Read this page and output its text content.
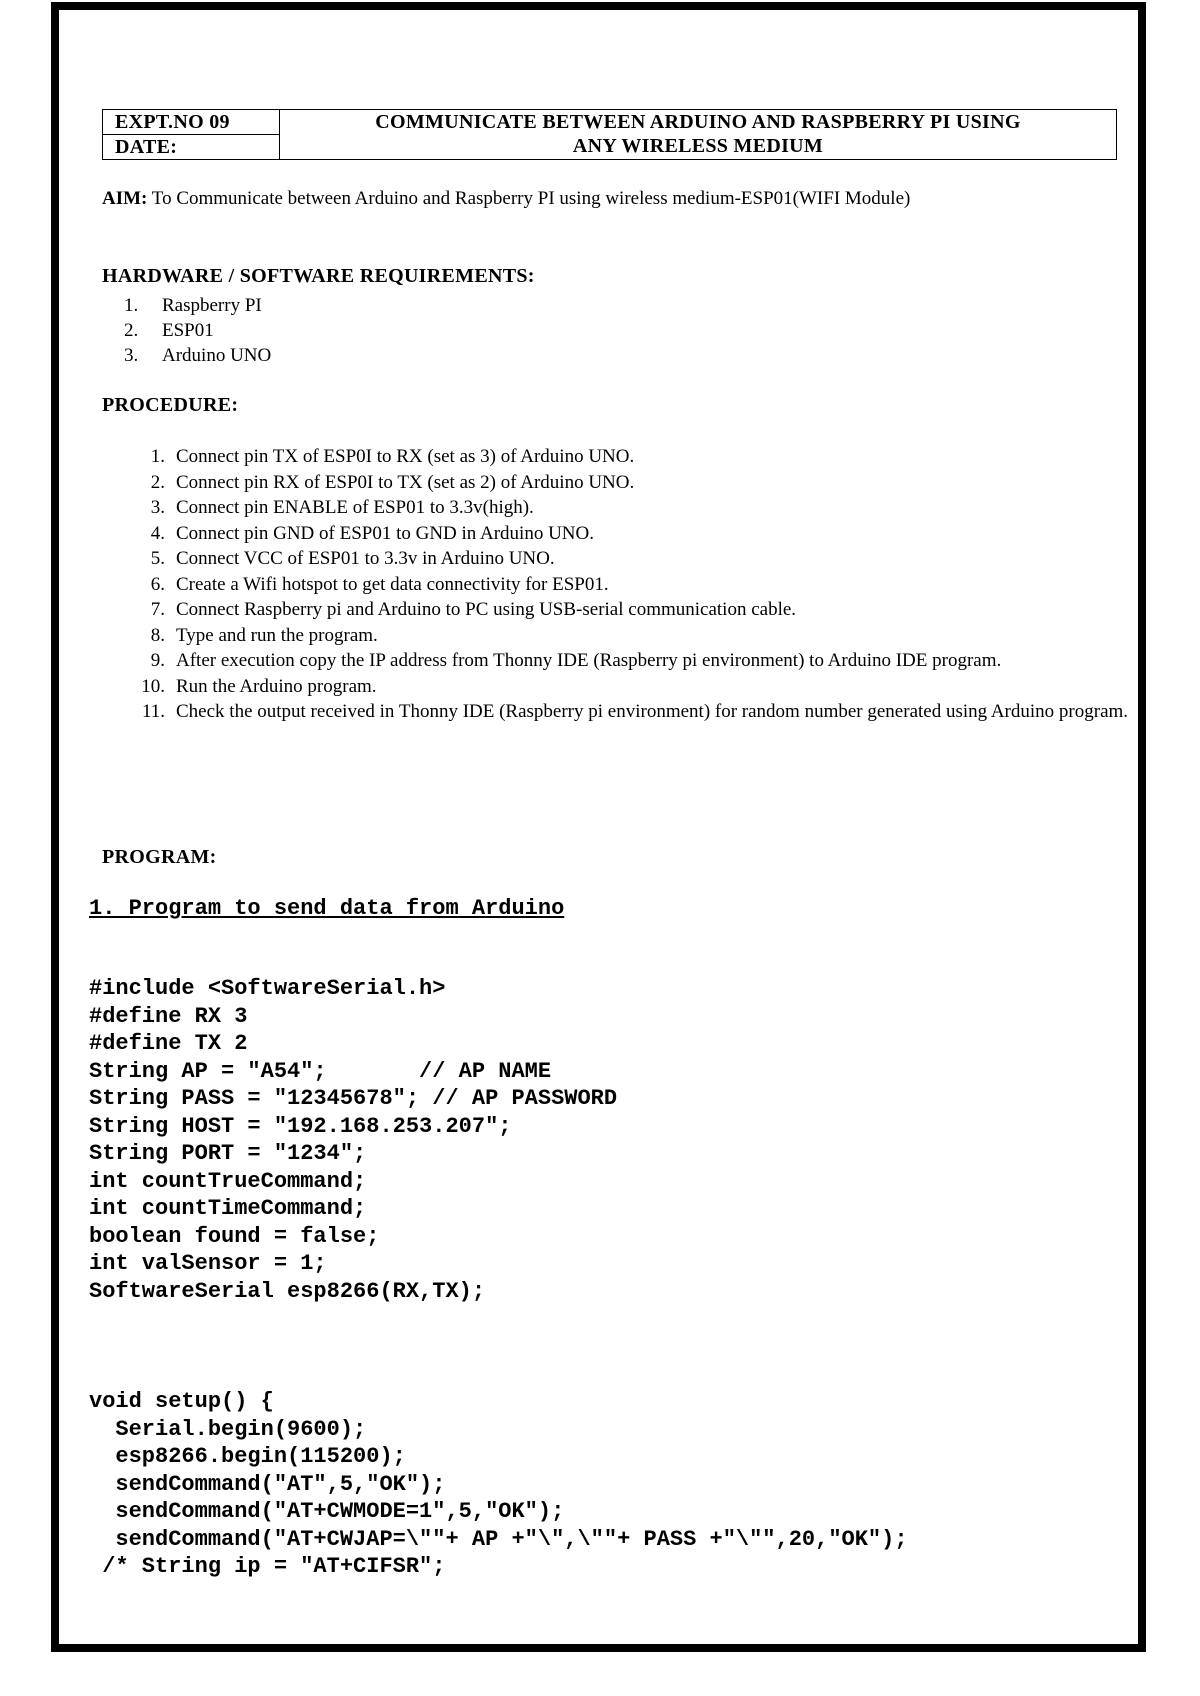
EXPT.NO 09	COMMUNICATE BETWEEN ARDUINO AND RASPBERRY PI USING
ANY WIRELESS MEDIUM

DATE:
AIM: To Communicate between Arduino and Raspberry PI using wireless medium-ESP01(WIFI Module)
HARDWARE / SOFTWARE REQUIREMENTS:
1. Raspberry PI
2. ESP01
3. Arduino UNO
PROCEDURE:
1. Connect pin TX of ESP0I to RX (set as 3) of Arduino UNO.
2. Connect pin RX of ESP0I to TX (set as 2) of Arduino UNO.
3. Connect pin ENABLE of ESP01 to 3.3v(high).
4. Connect pin GND of ESP01 to GND in Arduino UNO.
5. Connect VCC of ESP01 to 3.3v in Arduino UNO.
6. Create a Wifi hotspot to get data connectivity for ESP01.
7. Connect Raspberry pi and Arduino to PC using USB-serial communication cable.
8. Type and run the program.
9. After execution copy the IP address from Thonny IDE (Raspberry pi environment) to Arduino IDE program.
10. Run the Arduino program.
11. Check the output received in Thonny IDE (Raspberry pi environment) for random number generated using Arduino program.
PROGRAM:
1. Program to send data from Arduino
#include <SoftwareSerial.h>
#define RX 3
#define TX 2
String AP = "A54";       // AP NAME
String PASS = "12345678"; // AP PASSWORD
String HOST = "192.168.253.207";
String PORT = "1234";
int countTrueCommand;
int countTimeCommand;
boolean found = false;
int valSensor = 1;
SoftwareSerial esp8266(RX,TX);
void setup() {
Serial.begin(9600);
esp8266.begin(115200);
sendCommand("AT",5,"OK");
sendCommand("AT+CWMODE=1",5,"OK");
sendCommand("AT+CWJAP=\""+ AP +"\",\""+ PASS +"\"",20,"OK");
/* String ip = "AT+CIFSR";
